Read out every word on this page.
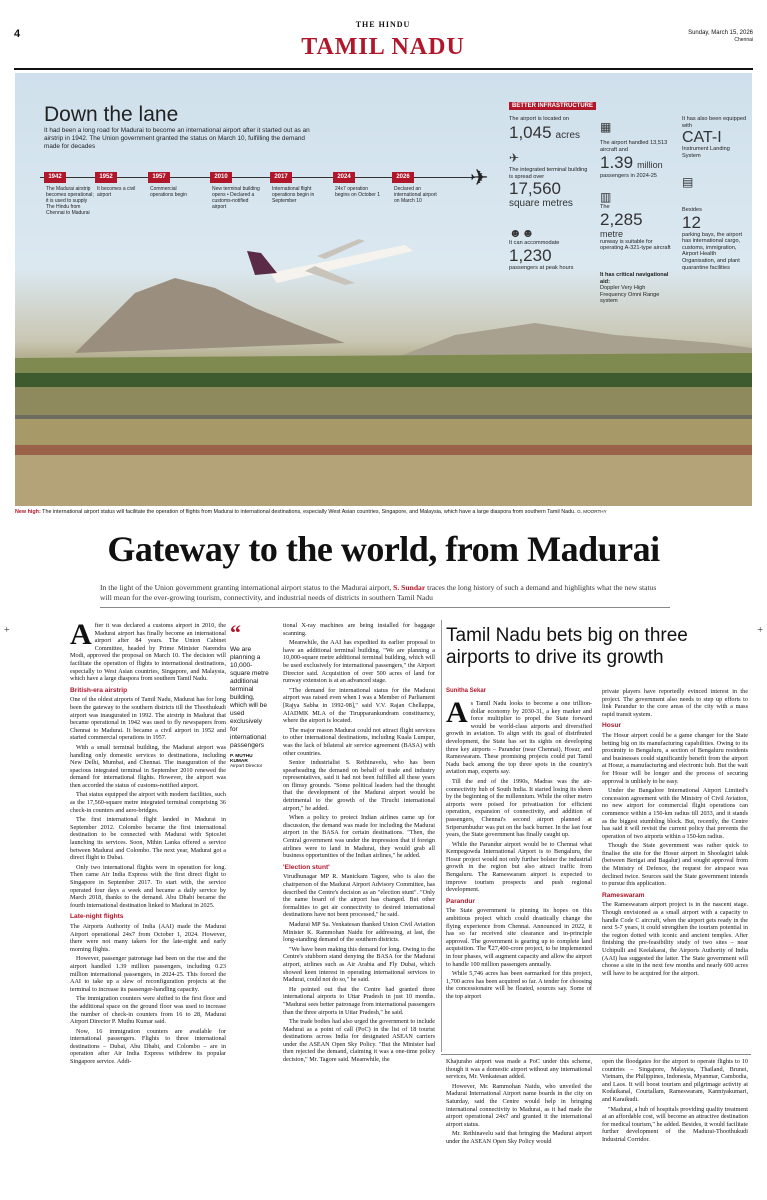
4
THE HINDU
TAMIL NADU
Sunday, March 15, 2026
Chennai
Down the lane
It had been a long road for Madurai to become an international airport after it started out as an airstrip in 1942. The Union government granted the status on March 10, fulfilling the demand made for decades
✈
1942
The Madurai airstrip becomes operational; it is used to supply The Hindu from Chennai to Madurai
1952
It becomes a civil airport
1957
Commercial operations begin
2010
New terminal building opens • Declared a customs-notified airport
2017
International flight operations begin in September
2024
24x7 operation begins on October 1
2026
Declared an international airport on March 10
BETTER INFRASTRUCTURE
The airport is located on
1,045 acres
✈
The integrated terminal building is spread over
17,560
square metres
☻☻
It can accommodate
1,230
passengers at peak hours
▦
The airport handled 13,513 aircraft and
1.39 million
passengers in 2024-25
▥
The
2,285
metre
runway is suitable for operating A-321-type aircraft
It has critical navigational aid:
Doppler Very High Frequency Omni Range system
It has also been equipped with
CAT-I
Instrument Landing System
▤
Besides
12
parking bays, the airport has international cargo, customs, immigration, Airport Health Organisation, and plant quarantine facilities
New high: The international airport status will facilitate the operation of flights from Madurai to international destinations, especially West Asian countries, Singapore, and Malaysia, which have a large diaspora from southern Tamil Nadu. G. MOORTHY
Gateway to the world, from Madurai
In the light of the Union government granting international airport status to the Madurai airport, S. Sundar traces the long history of such a demand and highlights what the new status will mean for the ever-growing tourism, connectivity, and industrial needs of districts in southern Tamil Nadu
+	+
A fter it was declared a customs airport in 2010, the Madurai airport has finally become an international airport after 84 years. The Union Cabinet Committee, headed by Prime Minister Narendra Modi, approved the proposal on March 10. The decision will facilitate the operation of flights to international destinations, especially to West Asian countries, Singapore, and Malaysia, which have a large diaspora from southern Tamil Nadu.

British-era airstrip

One of the oldest airports of Tamil Nadu, Madurai has for long been the gateway to the southern districts till the Thoothukudi airport was inaugurated in 1992. The airstrip in Madurai that became operational in 1942 was used to fly newspapers from Chennai to Madurai. It became a civil airport in 1952 and started commercial operations in 1957.

With a small terminal building, the Madurai airport was handling only domestic services to destinations, including New Delhi, Mumbai, and Chennai. The inauguration of the spacious integrated terminal in September 2010 renewed the demand for international flights. However, the airport was then accorded the status of customs-notified airport.

That status equipped the airport with modern facilities, such as the 17,560-square metre integrated terminal comprising 36 check-in counters and aero-bridges.

The first international flight landed in Madurai in September 2012. Colombo became the first international destination to be connected with Madurai with SpiceJet launching its services. Soon, Mihin Lanka offered a service between Madurai and Colombo. The next year, Madurai got a direct flight to Dubai.

Only two international flights were in operation for long. Then came Air India Express with the first direct flight to Singapore in September 2017. To start with, the service operated four days a week and became a daily service by March 2018, thanks to the demand. Abu Dhabi became the fourth international destination linked to Madurai in 2025.

Late-night flights

The Airports Authority of India (AAI) made the Madurai Airport operational 24x7 from October 1, 2024. However, there were not many takers for the late-night and early morning flights.

However, passenger patronage had been on the rise and the airport handled 1.39 million passengers, including 0.23 million international passengers, in 2024-25. This forced the AAI to take up a slew of reconfiguration projects at the terminal to increase its passenger-handling capacity.

The immigration counters were shifted to the first floor and the additional space on the ground floor was used to increase the number of check-in counters from 16 to 28, Madurai Airport Director P. Muthu Kumar said.

Now, 16 immigration counters are available for international passengers. Flights to three international destinations – Dubai, Abu Dhabi, and Colombo – are in operation after Air India Express withdrew its popular Singapore service. Addi-

“
We are planning a 10,000-square metre additional terminal building, which will be used exclusively for international passengers
P. MUTHU KUMAR
Airport Director

tional X-ray machines are being installed for baggage scanning.

Meanwhile, the AAI has expedited its earlier proposal to have an additional terminal building. "We are planning a 10,000-square metre additional terminal building, which will be used exclusively for international passengers," the Airport Director said. Acquisition of over 500 acres of land for runway extension is at an advanced stage.

"The demand for international status for the Madurai airport was raised even when I was a Member of Parliament [Rajya Sabha in 1992-98]," said V.V. Rajan Chellappa, AIADMK MLA of the Tirupparankundram constituency, where the airport is located.

The major reason Madurai could not attract flight services to other international destinations, including Kuala Lumpur, was the lack of bilateral air service agreement (BASA) with other countries.

Senior industrialist S. Rethinavelu, who has been spearheading the demand on behalf of trade and industry representatives, said it had not been fulfilled all these years on flimsy grounds. "Some political leaders had the thought that the development of the Madurai airport would be detrimental to the growth of the Tiruchi international airport," he added.

When a policy to protect Indian airlines came up for discussion, the demand was made for including the Madurai airport in the BASA for certain destinations. "Then, the Central government was under the impression that if foreign airlines were to land in Madurai, they would grab all business opportunities of the Indian airlines," he added.

'Election stunt'

Virudhunagar MP R. Manickam Tagore, who is also the chairperson of the Madurai Airport Advisory Committee, has described the Centre's decision as an "election stunt". "Only the name board of the airport has changed. But other formalities to get air connectivity to desired international destinations have not been processed," he said.

Madurai MP Su. Venkatesan thanked Union Civil Aviation Minister K. Rammohan Naidu for addressing, at last, the long-standing demand of the southern districts.

"We have been making this demand for long. Owing to the Centre's stubborn stand denying the BASA for the Madurai airport, airlines such as Air Arabia and Fly Dubai, which showed keen interest in operating international services to Madurai, could not do so," he said.

He pointed out that the Centre had granted three international airports to Uttar Pradesh in just 10 months. "Madurai sees better patronage from international passengers than the three airports in Uttar Pradesh," he said.

The trade bodies had also urged the government to include Madurai as a point of call (PoC) in the list of 18 tourist destinations across India for designated ASEAN carriers under the ASEAN Open Sky Policy. "But the Minister had then rejected the demand, claiming it was a one-time policy decision," Mr. Tagore said. Meanwhile, the

Tamil Nadu bets big on three airports to drive its growth
Sunitha Sekar
A s Tamil Nadu looks to become a one trillion-dollar economy by 2030-31, a key marker and force multiplier to propel the State forward would be world-class airports and diversified growth in aviation. To align with its goal of distributed development, the State has set its sights on developing three key airports – Parandur (near Chennai), Hosur, and Rameswaram. These promising projects could put Tamil Nadu back among the top three spots in the country's aviation map, experts say.

Till the end of the 1990s, Madras was the air-connectivity hub of South India. It started losing its sheen by the beginning of the millennium. While the other metro airports were poised for privatisation for efficient operation, expansion of connectivity, and addition of passengers, Chennai's second airport planned at Sriperumbudur was put on the back burner. In the last four years, the State government has finally caught up.

While the Parandur airport would be to Chennai what Kempegowda International Airport is to Bengaluru, the Hosur project would not only further bolster the industrial growth in the region but also attract traffic from Bengaluru. The Rameswaram airport is expected to improve tourism prospects and push regional development.

Parandur

The State government is pinning its hopes on this ambitious project which could drastically change the flying experience from Chennai. Announced in 2022, it has so far received site clearance and in-principle approval. The government is gearing up to complete land acquisition. The ₹27,400-crore project, to be implemented in four phases, will augment capacity and allow the airport to handle 100 million passengers annually.

While 5,746 acres has been earmarked for this project, 1,700 acres has been acquired so far. A tender for choosing the concessionaire will be floated, sources say. Some of the top airport

private players have reportedly evinced interest in the project. The government also needs to step up efforts to link Parandur to the core areas of the city with a mass rapid transit system.

Hosur

The Hosur airport could be a game changer for the State betting big on its manufacturing capabilities. Owing to its proximity to Bengaluru, a section of Bengaluru residents and businesses could significantly benefit from the airport at Hosur, a manufacturing and electronic hub. But the wait for Hosur will be longer and the process of securing approval is unlikely to be easy.

Under the Bangalore International Airport Limited's concession agreement with the Ministry of Civil Aviation, no new airport for commercial flight operations can commence within a 150-km radius till 2033, and it stands as the biggest stumbling block. But, recently, the Centre has said it will revisit the current policy that prevents the operation of two airports within a 150-km radius.

Though the State government was rather quick to finalise the site for the Hosur airport in Shoolagiri taluk (between Berigai and Bagalur) and sought approval from the Ministry of Defence, the request for airspace was declined twice. Sources said the State government intends to pursue this application.

Rameswaram

The Rameswaram airport project is in the nascent stage. Though envisioned as a small airport with a capacity to handle Code C aircraft, when the airport gets ready in the next 5-7 years, it could strengthen the tourism potential in the region dotted with iconic and ancient temples. After finishing the pre-feasibility study of two sites – near Uchipulli and Keelakarai, the Airports Authority of India (AAI) has suggested the latter. The State government will choose a site in the next few months and nearly 600 acres will have to be acquired for the airport.

Khajuraho airport was made a PoC under this scheme, though it was a domestic airport without any international services, Mr. Venkatesan added.

However, Mr. Rammohan Naidu, who unveiled the Madurai International Airport name boards in the city on Saturday, said the Centre would help in bringing international connectivity to Madurai, as it had made the airport operational 24x7 and granted it the international airport status.

Mr. Rethinavelu said that bringing the Madurai airport under the ASEAN Open Sky Policy would

open the floodgates for the airport to operate flights to 10 countries – Singapore, Malaysia, Thailand, Brunei, Vietnam, the Philippines, Indonesia, Myanmar, Cambodia, and Laos. It will boost tourism and pilgrimage activity at Kodaikanal, Courtallam, Rameswaram, Kanniyakumari, and Karaikudi.

"Madurai, a hub of hospitals providing quality treatment at an affordable cost, will become an attractive destination for medical tourism," he added. Besides, it would facilitate further development of the Madurai-Thoothukudi Industrial Corridor.
